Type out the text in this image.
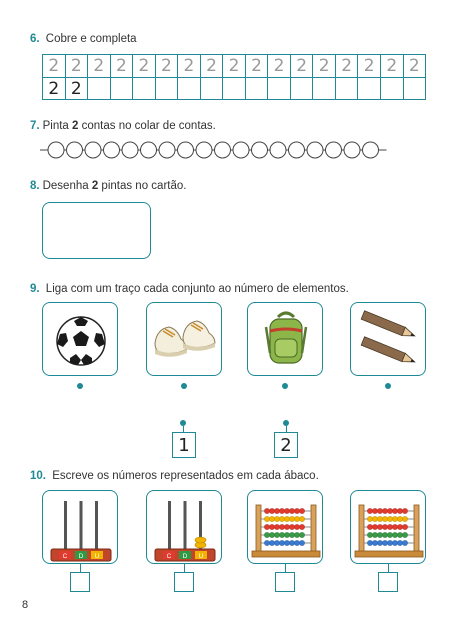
6. Cobre e completa
2 2 2 2 2 2 2 2 2 2 2 2 2 2 2 2 2
2 2
7. Pinta 2 contas no colar de contas.
8. Desenha 2 pintas no cartão.
9. Liga com um traço cada conjunto ao número de elementos.
1	2
10. Escreve os números representados em cada ábaco.
C D U	C D U
8
